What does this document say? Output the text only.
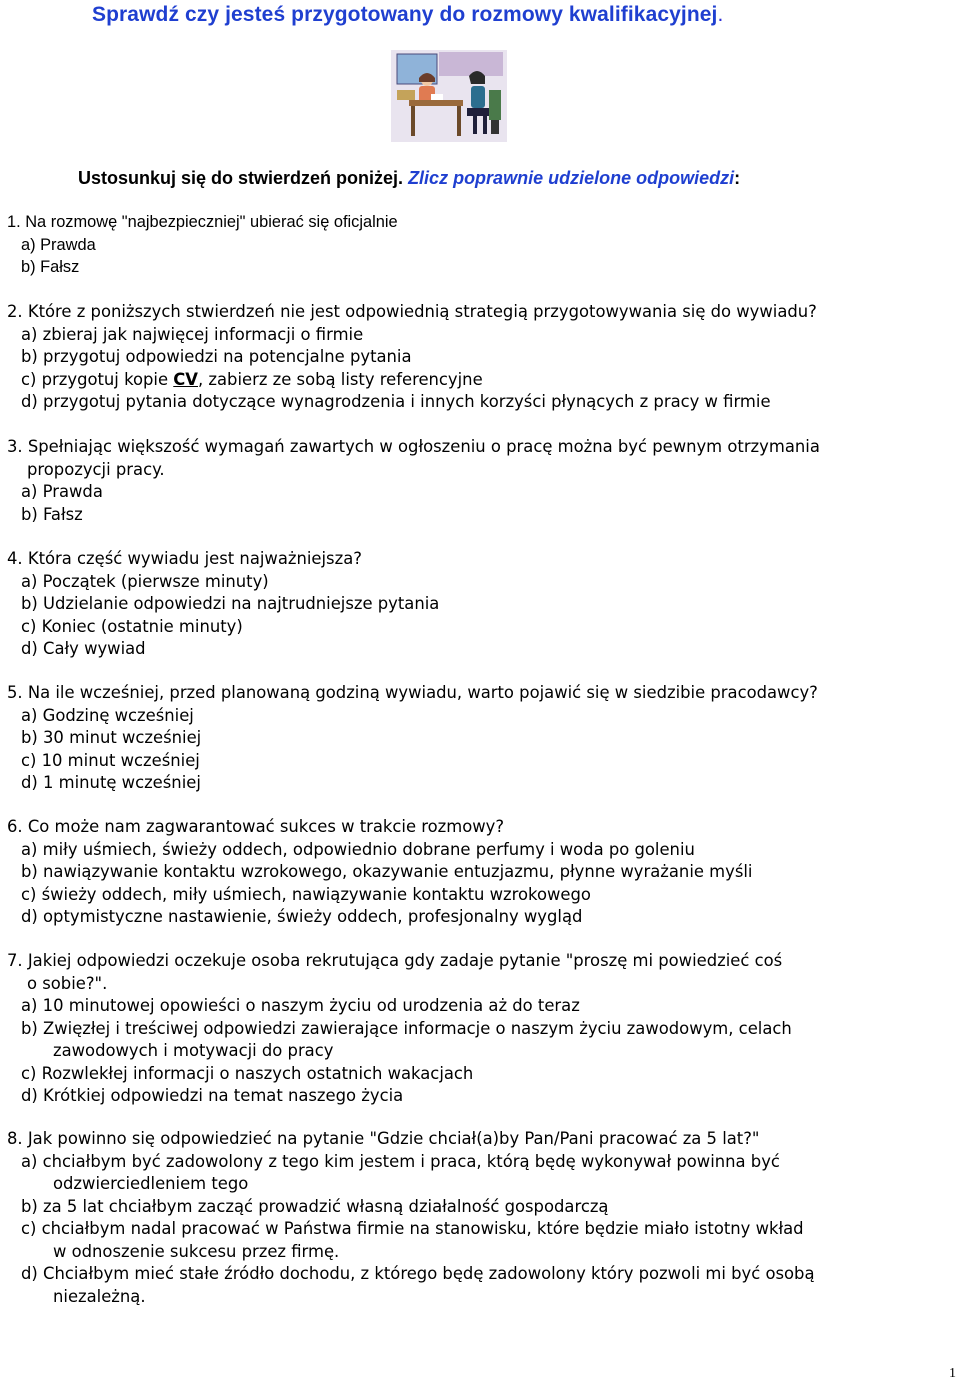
Sprawdź czy jesteś przygotowany do rozmowy kwalifikacyjnej.
Ustosunkuj się do stwierdzeń poniżej. Zlicz poprawnie udzielone odpowiedzi:
1. Na rozmowę "najbezpieczniej" ubierać się oficjalnie
a) Prawda
b) Fałsz
2. Które z poniższych stwierdzeń nie jest odpowiednią strategią przygotowywania się do wywiadu?
a) zbieraj jak najwięcej informacji o firmie
b) przygotuj odpowiedzi na potencjalne pytania
c) przygotuj kopie CV, zabierz ze sobą listy referencyjne
d) przygotuj pytania dotyczące wynagrodzenia i innych korzyści płynących z pracy w firmie
3. Spełniając większość wymagań zawartych w ogłoszeniu o pracę można być pewnym otrzymania
propozycji pracy.
a) Prawda
b) Fałsz
4. Która część wywiadu jest najważniejsza?
a) Początek (pierwsze minuty)
b) Udzielanie odpowiedzi na najtrudniejsze pytania
c) Koniec (ostatnie minuty)
d) Cały wywiad
5. Na ile wcześniej, przed planowaną godziną wywiadu, warto pojawić się w siedzibie pracodawcy?
a) Godzinę wcześniej
b) 30 minut wcześniej
c) 10 minut wcześniej
d) 1 minutę wcześniej
6. Co może nam zagwarantować sukces w trakcie rozmowy?
a) miły uśmiech, świeży oddech, odpowiednio dobrane perfumy i woda po goleniu
b) nawiązywanie kontaktu wzrokowego, okazywanie entuzjazmu, płynne wyrażanie myśli
c) świeży oddech, miły uśmiech, nawiązywanie kontaktu wzrokowego
d) optymistyczne nastawienie, świeży oddech, profesjonalny wygląd
7. Jakiej odpowiedzi oczekuje osoba rekrutująca gdy zadaje pytanie "proszę mi powiedzieć coś
o sobie?".
a) 10 minutowej opowieści o naszym życiu od urodzenia aż do teraz
b) Zwięzłej i treściwej odpowiedzi zawierające informacje o naszym życiu zawodowym, celach
zawodowych i motywacji do pracy
c) Rozwlekłej informacji o naszych ostatnich wakacjach
d) Krótkiej odpowiedzi na temat naszego życia
8. Jak powinno się odpowiedzieć na pytanie "Gdzie chciał(a)by Pan/Pani pracować za 5 lat?"
a) chciałbym być zadowolony z tego kim jestem i praca, którą będę wykonywał powinna być
odzwierciedleniem tego
b) za 5 lat chciałbym zacząć prowadzić własną działalność gospodarczą
c) chciałbym nadal pracować w Państwa firmie na stanowisku, które będzie miało istotny wkład
w odnoszenie sukcesu przez firmę.
d) Chciałbym mieć stałe źródło dochodu, z którego będę zadowolony który pozwoli mi być osobą
niezależną.
1
